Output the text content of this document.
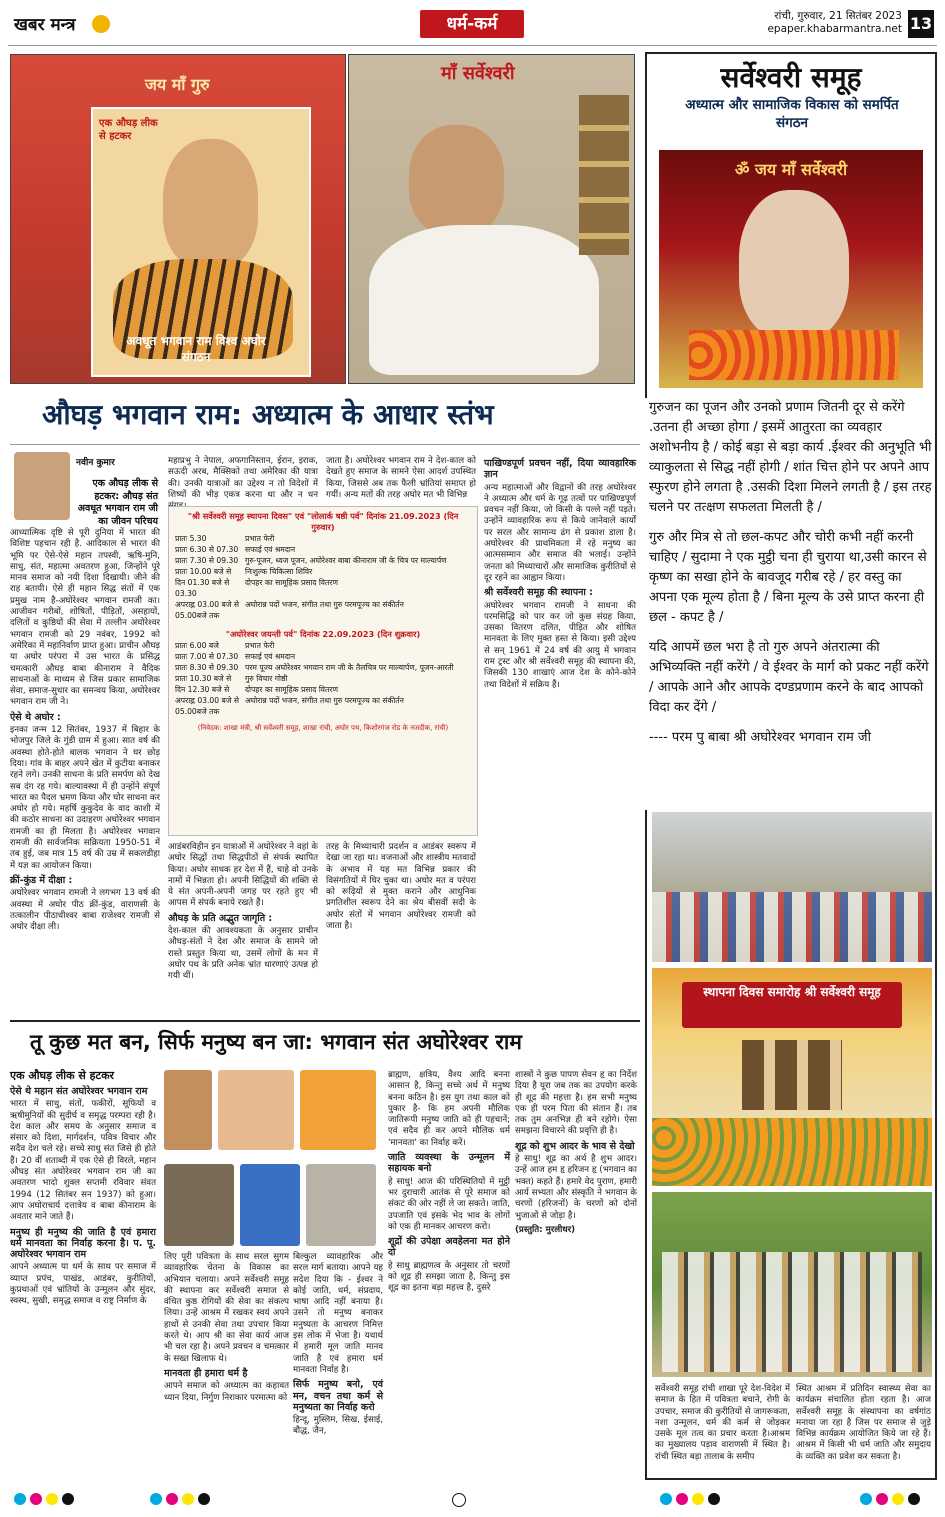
खबर मन्त्र	धर्म-कर्म	रांची, गुरुवार, 21 सितंबर 2023
epaper.khabarmantra.net 13
जय माँ गुरु
एक औघड़ लीक से हटकर
अवधूत भगवान राम विश्व अघोर संगठन
माँ सर्वेश्वरी	सर्वेश्वरी समूह
अध्यात्म और सामाजिक विकास को समर्पित संगठन
ॐ जय माँ सर्वेश्वरी

गुरुजन का पूजन और उनको प्रणाम जितनी दूर से करेंगे .उतना ही अच्छा होगा / इसमें आतुरता का व्यवहार अशोभनीय है / कोई बड़ा से बड़ा कार्य .ईश्वर की अनुभूति भी व्याकुलता से सिद्ध नहीं होगी / शांत चित्त होने पर अपने आप स्फुरण होने लगता है .उसकी दिशा मिलने लगती है / इस तरह चलने पर तत्क्षण सफलता मिलती है /

गुरु और मित्र से तो छल-कपट और चोरी कभी नहीं करनी चाहिए / सुदामा ने एक मुट्ठी चना ही चुराया था,उसी कारन से कृष्ण का सखा होने के बावजूद गरीब रहे / हर वस्तु का अपना एक मूल्य होता है / बिना मूल्य के उसे प्राप्त करना ही छल - कपट है /

यदि आपमें छल भरा है तो गुरु अपने अंतरात्मा की अभिव्यक्ति नहीं करेंगे / वे ईश्वर के मार्ग को प्रकट नहीं करेंगे / आपके आने और आपके दण्डप्रणाम करने के बाद आपको विदा कर देंगे /

---- परम पु बाबा श्री अघोरेश्वर भगवान राम जी

स्थापना दिवस समारोह श्री सर्वेश्वरी समूह
सर्वेश्वरी समूह रांची शाखा पूरे देश-विदेश में समाज के हित में पवित्रता बचाने, रोगी के उपचार, समाज की कुरीतियों से जागरूकता, नशा उन्मूलन, धर्म की कर्म से जोड़कर उसके मूल तत्व का प्रचार करता है।आश्रम का मुख्यालय पड़ाव वाराणसी में स्थित है। रांची स्थित बड़ा तालाब के समीप
स्थित आश्रम में प्रतिदिन स्वास्थ्य सेवा का कार्यक्रम संचालित होता रहता है। आज सर्वेश्वरी समूह के संस्थापना का वर्षगांठ मनाया जा रहा है जिस पर समाज से जुड़े विभिन्न कार्यक्रम आयोजित किये जा रहे हैं। आश्रम में किसी भी धर्म जाति और समुदाय के व्यक्ति का प्रवेश कर सकता है।
औघड़ भगवान राम: अध्यात्म के आधार स्तंभ
नवीन कुमार
एक औघड़ लीक से हटकर: औघड़ संत अवधूत भगवान राम जी का जीवन परिचय

आध्यात्मिक दृष्टि से पूरी दुनिया में भारत की विशिष्ट पहचान रही है. आदिकाल से भारत की भूमि पर ऐसे-ऐसे महान तपस्वी, ऋषि-मुनि, साधु, संत, महात्मा अवतरण हुआ, जिन्होंने पूरे मानव समाज को नयी दिशा दिखायी। जीने की राह बतायी। ऐसे ही महान सिद्ध संतों में एक प्रमुख नाम है-अघोरेश्वर भगवान रामजी का। आजीवन गरीबों, शोषितों, पीड़ितों, असहायों, दलितों व कुष्ठियों की सेवा में तल्लीन अघोरेश्वर भगवान रामजी को 29 नवंबर, 1992 को अमेरिका में महानिर्वाण प्राप्त हुआ। प्राचीन औघड़ या अघोर परंपरा में उस भारत के प्रसिद्ध चमत्कारी औघड़ बाबा कीनाराम ने वैदिक साधनाओं के माध्यम से जिस प्रकार सामाजिक सेवा, समाज-सुधार का समन्वय किया, अघोरेश्वर भगवान राम जी ने।

ऐसे थे अघोर :

इनका जन्म 12 सितंबर, 1937 में बिहार के भोजपुर जिले के गुंडी ग्राम में हुआ। सात वर्ष की अवस्था होते-होते बालक भगवान ने घर छोड़ दिया। गांव के बाहर अपने खेत में कुटीया बनाकर रहने लगे। उनकी साधना के प्रति समर्पण को देख सब दंग रह गये। बाल्यावस्था में ही उन्होंने संपूर्ण भारत का पैदल भ्रमण किया और घोर साधना कर अघोर हो गये। महर्षि कुकुदेव के वाद काशी में की कठोर साधना का उदाहरण अघोरेश्वर भगवान रामजी का ही मिलता है। अघोरेश्वर भगवान रामजी की सार्वजनिक सक्रियता 1950-51 में तब हुई, जब मात्र 15 वर्ष की उम्र में सकलडीहा में यज्ञ का आयोजन किया।

क्रीं-कुंड में दीक्षा :

अघोरेश्वर भगवान रामजी ने लगभग 13 वर्ष की अवस्था में अघोर पीठ क्रीं-कुंड, वाराणसी के तत्कालीन पीठाधीश्वर बाबा राजेश्वर रामजी से अघोर दीक्षा ली।

महाप्रभु ने नेपाल, अफगानिस्तान, ईरान, इराक, सऊदी अरब, मैक्सिको तथा अमेरिका की यात्रा की। उनकी यात्राओं का उद्देश्य न तो विदेशों में शिष्यों की भीड़ एकत्र करना था और न धन
"श्री सर्वेश्वरी समूह स्थापना दिवस" एवं "लोलार्क षष्ठी पर्व" दिनांक 21.09.2023 (दिन गुरुवार)
प्रातः 5.30	प्रभात फेरी
प्रातः 6.30 से 07.30 सफाई एवं श्रमदान
प्रातः 7.30 से 09.30 गुरु-पूजन, ध्वज पूजन, अघोरेश्वर बाबा कीनाराम जी के चित्र पर माल्यार्पण
प्रातः 10.00 बजे से	निःशुल्क चिकित्सा शिविर
दिन 01.30 बजे से 03.30
दोपहर का सामूहिक प्रसाद वितरण
अपराह्न 03.00 बजे से 05.00बजे तक
अघोरान्न पदों भजन, संगीत तथा गुरु परमपूज्य का संकीर्तन
"अघोरेश्वर जयन्ती पर्व" दिनांक 22.09.2023 (दिन शुक्रवार)
प्रातः 6.00 बजे	प्रभात फेरी
प्रातः 7.00 से 07.30 सफाई एवं श्रमदान
प्रातः 8.30 से 09.30 परम पूज्य अघोरेश्वर भगवान राम जी के तैलचित्र पर माल्यार्पण, पूजन-आरती
प्रातः 10.30 बजे से	गुरु विचार गोष्ठी
दिन 12.30 बजे से	दोपहर का सामूहिक प्रसाद वितरण
अपराह्न 03.00 बजे से 05.00बजे तक
अघोरान्न पदों भजन, संगीत तथा गुरु परमपूज्य का संकीर्तन
(निवेदक: शाखा मंत्री, श्री सर्वेश्वरी समूह, शाखा रांची, अघोर पथ, किशोरगंज रोड के नजदीक, रांची)
जाता है। अघोरेश्वर भगवान राम ने देश-काल को देखते हुए समाज के सामने ऐसा आदर्श उपस्थित किया, जिससे अब तक फैली भ्रांतियां समाप्त हो गयीं। अन्य मतों की तरह अघोर मत भी विभिन्न

आडंबरविहीन इन यात्राओं में अघोरेश्वर ने वहां के अघोर सिद्धों तथा सिद्धपीठों से संपर्क स्थापित किया। अघोर साधक हर देश में हैं, चाहे वो उनके नामों में भिन्नता हो। अपनी सिद्धियों की शक्ति से ये संत अपनी-अपनी जगह पर रहते हुए भी आपस में संपर्क बनाये रखते हैं।

औघड़ के प्रति अद्भुत जागृति :

देश-काल की आवश्यकता के अनुसार प्राचीन औघड़-संतों ने देश और समाज के सामने जो रास्ते प्रस्तुत किया था, उसमें लोगों के मन में अघोर पथ के प्रति अनेक भ्रांत धारणाएं उत्पन्न हो गयी थीं।

तरह के मिथ्याचारी प्रदर्शन व आडंबर स्वरूप में देखा जा रहा था। वजनाओं और शास्त्रीय मतवादों के अभाव में यह मत विभिन्न प्रकार की विसंगतियों में घिर चुका था। अघोर मत व परंपरा को रूढ़ियों से मुक्त कराने और आधुनिक प्रगतिशील स्वरूप देने का श्रेय बीसवीं सदी के अघोर संतों में भगवान अघोरेश्वर रामजी को जाता है।
पाखिण्डपूर्ण प्रवचन नहीं, दिया व्यावहारिक ज्ञान

अन्य महात्माओं और विद्वानों की तरह अघोरेश्वर ने अध्यात्म और धर्म के गूढ़ तत्वों पर पाखिण्डपूर्ण प्रवचन नहीं किया, जो किसी के पल्ले नहीं पड़ते। उन्होंने व्यावहारिक रूप से किये जानेवाले कार्यों पर सरल और सामान्य ढंग से प्रकाश डाला है। अघोरेश्वर की प्राथमिकता में रहे मनुष्य का आत्मसम्मान और समाज की भलाई। उन्होंने जनता को मिथ्याचारों और सामाजिक कुरीतियों से दूर रहने का आह्वान किया।

श्री सर्वेश्वरी समूह की स्थापना :

अघोरेश्वर भगवान रामजी ने साधना की परमसिद्धि को पार कर जो कुछ संग्रह किया, उसका वितरण दलित, पीड़ित और शोषित मानवता के लिए मुक्त हस्त से किया। इसी उद्देश्य से सन् 1961 में 24 वर्ष की आयु में भगवान राम ट्रस्ट और श्री सर्वेश्वरी समूह की स्थापना की, जिसकी 130 शाखाएं आज देश के कोने-कोने तथा विदेशों में सक्रिय हैं।

तू कुछ मत बन, सिर्फ मनुष्य बन जा: भगवान संत अघोरेश्वर राम
एक औघड़ लीक से हटकर
ऐसे थे महान संत अघोरेश्वर भगवान राम

भारत में साधु, संतों, फकीरों, सूफियों व ऋषीमुनियों की सुदीर्घ व समृद्ध परम्परा रही है। देश काल और समय के अनुसार समाज व संसार को दिशा, मार्गदर्शन, पवित्र विचार और सदैव देश चले रहे। सच्चे साधु संत जिसे ही होते हैं। 20 वीं शताब्दी में एक ऐसे ही विरले, महान औघड़ संत अघोरेश्वर भगवान राम जी का अवतरण भादो शुक्ल सप्तमी रविवार संवत 1994 (12 सितंबर सन 1937) को हुआ। आप अघोराचार्य दत्तात्रेय व बाबा कीनाराम के अवतार माने जाते हैं।

मनुष्य ही मनुष्य की जाति है एवं हमारा धर्म मानवता का निर्वाह करना है। प. पू. अघोरेश्वर भगवान राम

आपने अध्यात्म या धर्म के साथ पर समाज में व्याप्त प्रपंच, पाखंड, आडंबर, कुरीतियों, कुप्रथाओं एवं भ्रांतियों के उन्मूलन और सुंदर, स्वस्थ, सुखी, समृद्ध समाज व राष्ट्र निर्माण के

लिए पूरी पवित्रता के साथ सरल सुगम व्यावहारिक चेतना के विकास का अभियान चलाया। अपने सर्वेश्वरी समूह की स्थापना कर सर्वेश्वरी समाज से वंचित कुष्ठ रोगियों की सेवा का संकल्प लिया। उन्हें आश्रम में रखकर स्वयं अपने हाथों से उनकी सेवा तथा उपचार किया करते थे। आप श्री का सेवा कार्य आज भी चल रहा है। अपने प्रवचन व चमत्कार के सख्त खिलाफ थे।

मानवता ही हमारा धर्म है

आपने समाज को अध्यात्म का कहावत ध्यान दिया, निर्गुण निराकार परमात्मा को

बिल्कुल व्यावहारिक और सरल मार्ग बताया। आपने यह सदेश दिया कि - ईश्वर ने कोई जाति, धर्म, संप्रदाय, भाषा आदि नहीं बनाया है। उसने तो मनुष्य बनाकर मनुष्यता के आचरण निमित्त इस लोक में भेजा है। यथार्थ में हमारी मूल जाति मानव जाति है एवं हमारा धर्म मानवता निर्वाह है।

सिर्फ मनुष्य बनो, एवं मन, वचन तथा कर्म से मनुष्यता का निर्वाह करो

हिन्दू, मुस्लिम, सिख, ईसाई, बौद्ध, जैन,

ब्राह्मण, क्षत्रिय, वैश्य आदि बनना आसान है, किन्तु सच्चे अर्थ में मनुष्य बनना कठिन है। इस युग तथा काल को पुकार है- कि हम अपनी मौलिक जातिरूपी मनुष्य जाति को ही पहचानें; एवं सदैव ही कर अपने मौलिक धर्म 'मानवता' का निर्वाह करें।

जाति व्यवस्था के उन्मूलन में सहायक बनो

हे साधु! आज की परिस्थितियों में मुट्ठी भर दुराचारी आतंक से पूरे समाज को संकट की ओर नहीं ले जा सकते। जाति, उपजाति एवं इसके भेद भाव के लोगों को एक ही मानकर आचरण करो।

शूद्रों की उपेक्षा अवहेलना मत होने दो

हे साधु ब्राह्मणत्व के अनुसार तो चरणों को शूद्र ही समझा जाता है, किन्तु इस शूद्र का इतना बड़ा महत्त्व है, दुसरे

शास्त्रों ने कुछ पापण सेवन हृ का निर्देश दिया है यूरा जब तक का उपयोग करके ही शूद्र की महत्ता है। हम सभी मनुष्य एक ही परम पिता की संतान हैं। तब तक तुम अनभिज्ञ ही बने रहोगे। ऐसा समझना विचारने की प्रवृत्ति ही है।

शूद्र को शुभ आदर के भाव से देखो

हे साधु! शूद्र का अर्थ है शुभ आदर। उन्हें आज हम हृ हरिजन हृ (भगवान का भक्त) कहते हैं। हमारे वेद पुराण, हमारी आर्य सभ्यता और संस्कृति ने भगवान के चरणों (हरिजनों) के चरणों को दोनों भुजाओं से जोड़ा है।

(प्रस्तुति: मुरलीधर)
